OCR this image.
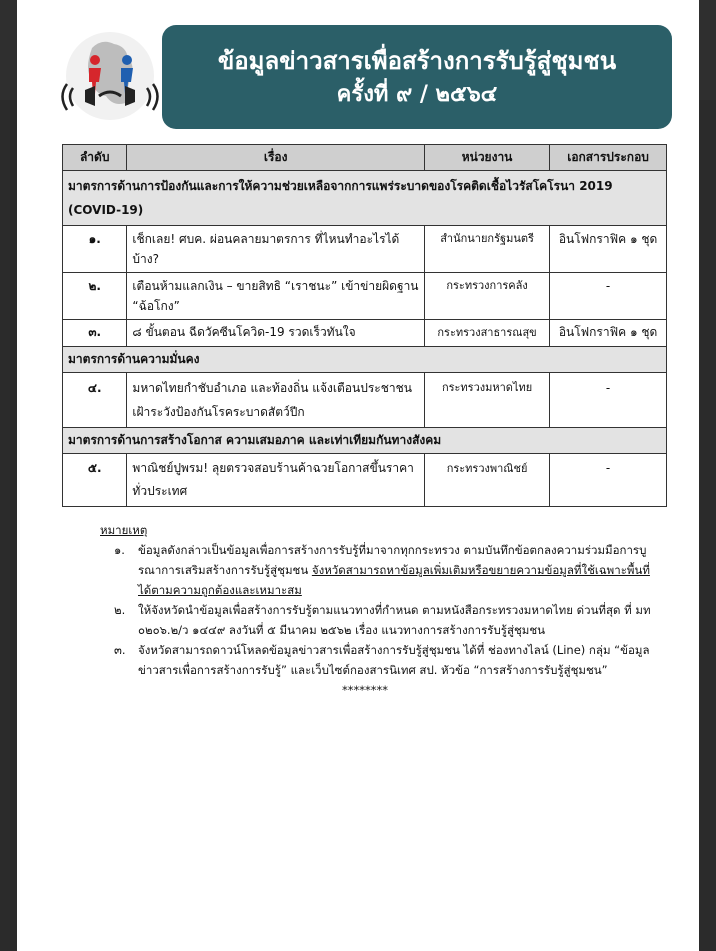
ข้อมูลข่าวสารเพื่อสร้างการรับรู้สู่ชุมชน
ครั้งที่ ๙ / ๒๕๖๔
ลำดับ	เรื่อง	หน่วยงาน	เอกสารประกอบ
มาตรการด้านการป้องกันและการให้ความช่วยเหลือจากการแพร่ระบาดของโรคติดเชื้อไวรัสโคโรนา 2019 (COVID-19)			
๑.	เช็กเลย! ศบค. ผ่อนคลายมาตรการ ที่ไหนทำอะไรได้บ้าง?	สำนักนายกรัฐมนตรี	อินโฟกราฟิค ๑ ชุด
๒.	เตือนห้ามแลกเงิน – ขายสิทธิ “เราชนะ” เข้าข่ายผิดฐาน “ฉ้อโกง”	กระทรวงการคลัง	-
๓.	๘ ขั้นตอน ฉีดวัคซีนโควิด-19 รวดเร็วทันใจ	กระทรวงสาธารณสุข	อินโฟกราฟิค ๑ ชุด
มาตรการด้านความมั่นคง			
๔.	มหาดไทยกำชับอำเภอ และท้องถิ่น แจ้งเตือนประชาชนเฝ้าระวังป้องกันโรคระบาดสัตว์ปีก	กระทรวงมหาดไทย	-
มาตรการด้านการสร้างโอกาส ความเสมอภาค และเท่าเทียมกันทางสังคม			
๕.	พาณิชย์ปูพรม! ลุยตรวจสอบร้านค้าฉวยโอกาสขึ้นราคาทั่วประเทศ	กระทรวงพาณิชย์	-
หมายเหตุ
๑.	ข้อมูลดังกล่าวเป็นข้อมูลเพื่อการสร้างการรับรู้ที่มาจากทุกกระทรวง ตามบันทึกข้อตกลงความร่วมมือการบูรณาการเสริมสร้างการรับรู้สู่ชุมชน จังหวัดสามารถหาข้อมูลเพิ่มเติมหรือขยายความข้อมูลที่ใช้เฉพาะพื้นที่ได้ตามความถูกต้องและเหมาะสม
๒.	ให้จังหวัดนำข้อมูลเพื่อสร้างการรับรู้ตามแนวทางที่กำหนด ตามหนังสือกระทรวงมหาดไทย ด่วนที่สุด ที่ มท ๐๒๐๖.๒/ว ๑๔๔๙ ลงวันที่ ๕ มีนาคม ๒๕๖๒ เรื่อง แนวทางการสร้างการรับรู้สู่ชุมชน
๓.	จังหวัดสามารถดาวน์โหลดข้อมูลข่าวสารเพื่อสร้างการรับรู้สู่ชุมชน ได้ที่ ช่องทางไลน์ (Line) กลุ่ม “ข้อมูลข่าวสารเพื่อการสร้างการรับรู้” และเว็บไซต์กองสารนิเทศ สป. หัวข้อ “การสร้างการรับรู้สู่ชุมชน”
********
